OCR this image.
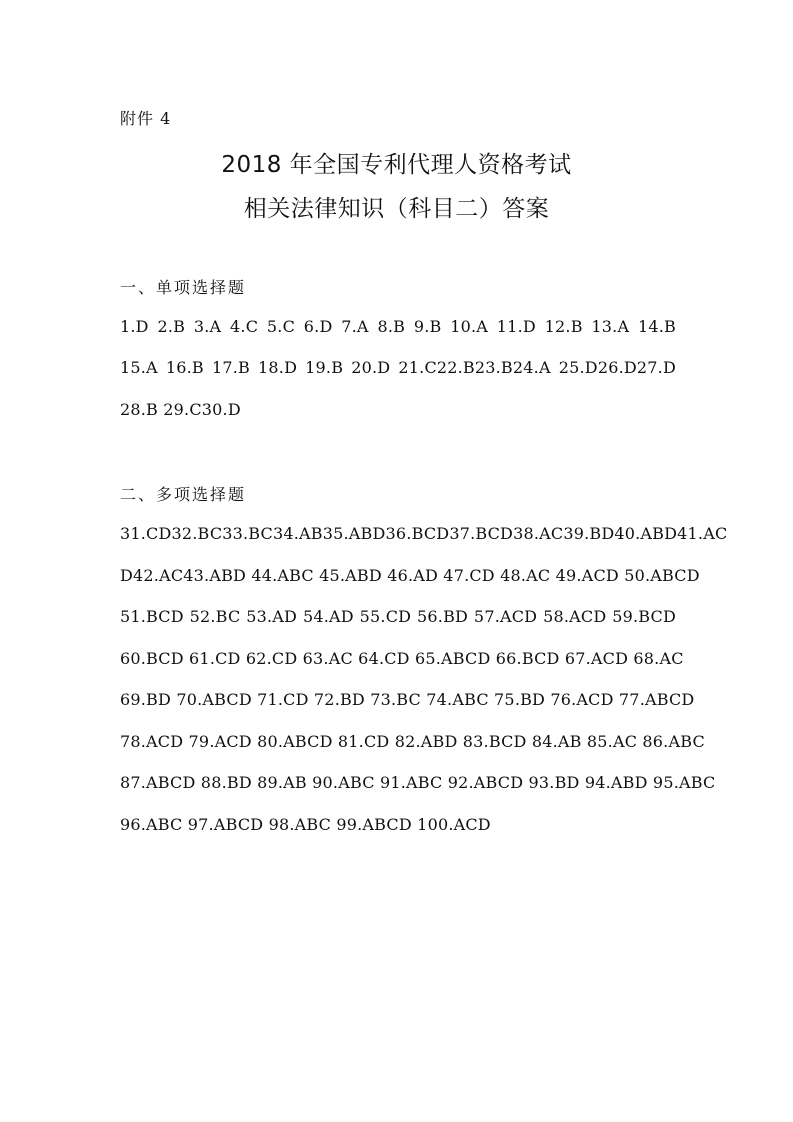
附件 4
2018 年全国专利代理人资格考试
相关法律知识（科目二）答案
一、单项选择题
1.D 2.B 3.A 4.C 5.C 6.D 7.A 8.B 9.B 10.A 11.D 12.B 13.A 14.B
15.A 16.B 17.B 18.D 19.B 20.D 21.C22.B23.B24.A 25.D26.D27.D
28.B 29.C30.D
二、多项选择题
31.CD32.BC33.BC34.AB35.ABD36.BCD37.BCD38.AC39.BD40.ABD41.AC
D42.AC43.ABD 44.ABC 45.ABD 46.AD 47.CD 48.AC 49.ACD 50.ABCD
51.BCD 52.BC 53.AD 54.AD 55.CD 56.BD 57.ACD 58.ACD 59.BCD
60.BCD 61.CD 62.CD 63.AC 64.CD 65.ABCD 66.BCD 67.ACD 68.AC
69.BD 70.ABCD 71.CD 72.BD 73.BC 74.ABC 75.BD 76.ACD 77.ABCD
78.ACD 79.ACD 80.ABCD 81.CD 82.ABD 83.BCD 84.AB 85.AC 86.ABC
87.ABCD 88.BD 89.AB 90.ABC 91.ABC 92.ABCD 93.BD 94.ABD 95.ABC
96.ABC 97.ABCD 98.ABC 99.ABCD 100.ACD
